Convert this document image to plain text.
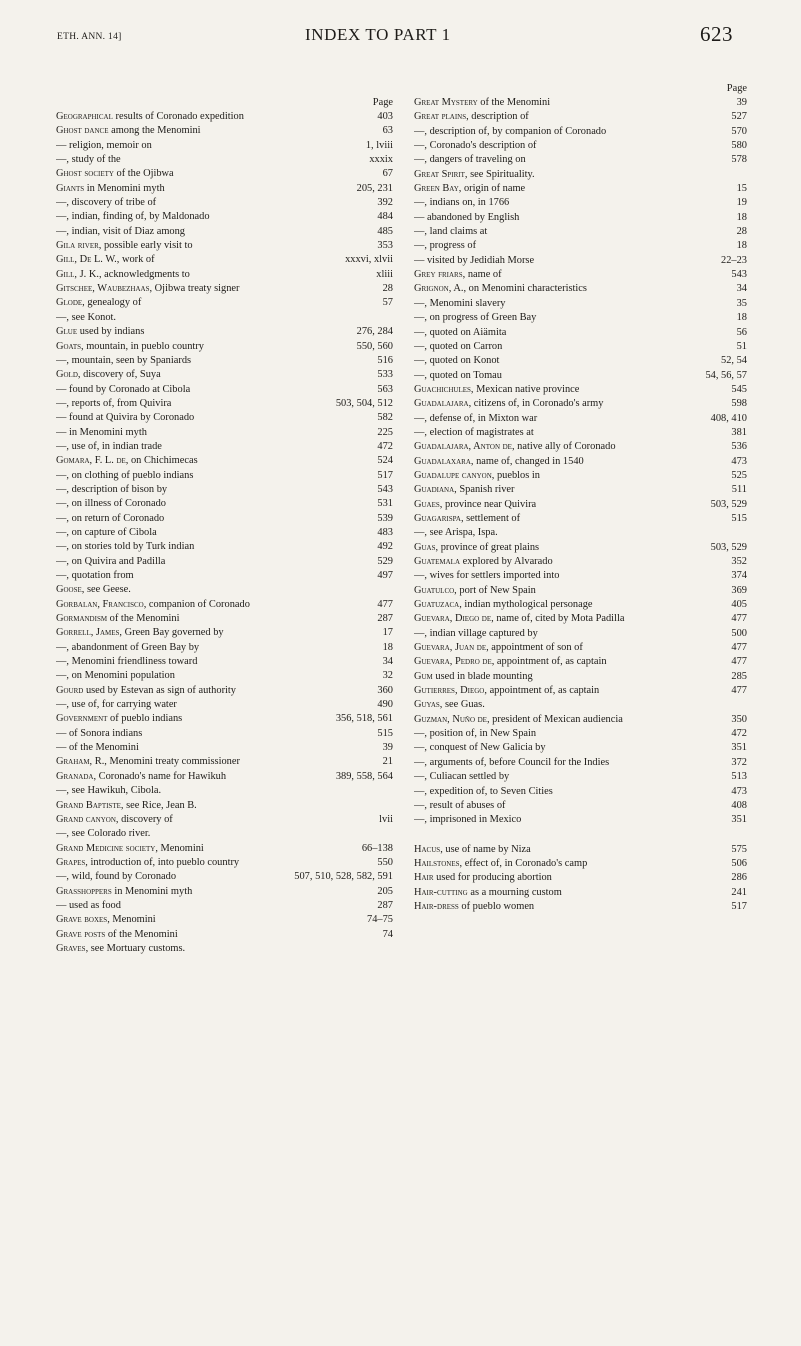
ETH. ANN. 14]	INDEX TO PART 1	623
Page
Geographical results of Coronado expedition	403
Ghost dance among the Menomini	63
— religion, memoir on	1, lviii
—, study of the	xxxix
Ghost society of the Ojibwa	67
Giants in Menomini myth	205, 231
—, discovery of tribe of	392
—, indian, finding of, by Maldonado	484
—, indian, visit of Diaz among	485
Gila river, possible early visit to	353
Gill, De L. W., work of	xxxvi, xlvii
Gill, J. K., acknowledgments to	xliii
Gitschee, Waubezhaas, Ojibwa treaty signer	28
Glode, genealogy of	57
—, see Konot.
Glue used by indians	276, 284
Goats, mountain, in pueblo country	550, 560
—, mountain, seen by Spaniards	516
Gold, discovery of, Suya	533
— found by Coronado at Cibola	563
—, reports of, from Quivira	503, 504, 512
— found at Quivira by Coronado	582
— in Menomini myth	225
—, use of, in indian trade	472
Gomara, F. L. de, on Chichimecas	524
—, on clothing of pueblo indians	517
—, description of bison by	543
—, on illness of Coronado	531
—, on return of Coronado	539
—, on capture of Cibola	483
—, on stories told by Turk indian	492
—, on Quivira and Padilla	529
—, quotation from	497
Goose, see Geese.
Gorbalan, Francisco, companion of Coronado	477
Gormandism of the Menomini	287
Gorrell, James, Green Bay governed by	17
—, abandonment of Green Bay by	18
—, Menomini friendliness toward	34
—, on Menomini population	32
Gourd used by Estevan as sign of authority	360
—, use of, for carrying water	490
Government of pueblo indians	356, 518, 561
— of Sonora indians	515
— of the Menomini	39
Graham, R., Menomini treaty commissioner	21
Granada, Coronado's name for Hawikuh	389, 558, 564
—, see Hawikuh, Cibola.
Grand Baptiste, see Rice, Jean B.
Grand canyon, discovery of	lvii
—, see Colorado river.
Grand Medicine society, Menomini	66–138
Grapes, introduction of, into pueblo country	550
—, wild, found by Coronado	507, 510, 528, 582, 591
Grasshoppers in Menomini myth	205
— used as food	287
Grave boxes, Menomini	74–75
Grave posts of the Menomini	74
Graves, see Mortuary customs.
Page
Great Mystery of the Menomini	39
Great plains, description of	527
—, description of, by companion of Coronado	570
—, Coronado's description of	580
—, dangers of traveling on	578
Great Spirit, see Spirituality.
Green Bay, origin of name	15
—, indians on, in 1766	19
— abandoned by English	18
—, land claims at	28
—, progress of	18
— visited by Jedidiah Morse	22–23
Grey friars, name of	543
Grignon, A., on Menomini characteristics	34
—, Menomini slavery	35
—, on progress of Green Bay	18
—, quoted on Aiämita	56
—, quoted on Carron	51
—, quoted on Konot	52, 54
—, quoted on Tomau	54, 56, 57
Guachichules, Mexican native province	545
Guadalajara, citizens of, in Coronado's army	598
—, defense of, in Mixton war	408, 410
—, election of magistrates at	381
Guadalajara, Anton de, native ally of Coronado	536
Guadalaxara, name of, changed in 1540	473
Guadalupe canyon, pueblos in	525
Guadiana, Spanish river	511
Guaes, province near Quivira	503, 529
Guagarispa, settlement of	515
—, see Arispa, Ispa.
Guas, province of great plains	503, 529
Guatemala explored by Alvarado	352
—, wives for settlers imported into	374
Guatulco, port of New Spain	369
Guatuzaca, indian mythological personage	405
Guevara, Diego de, name of, cited by Mota Padilla	477
—, indian village captured by	500
Guevara, Juan de, appointment of son of	477
Guevara, Pedro de, appointment of, as captain	477
Gum used in blade mounting	285
Gutierres, Diego, appointment of, as captain	477
Guyas, see Guas.
Guzman, Nuño de, president of Mexican audiencia	350
—, position of, in New Spain	472
—, conquest of New Galicia by	351
—, arguments of, before Council for the Indies	372
—, Culiacan settled by	513
—, expedition of, to Seven Cities	473
—, result of abuses of	408
—, imprisoned in Mexico	351
Hacus, use of name by Niza	575
Hailstones, effect of, in Coronado's camp	506
Hair used for producing abortion	286
Hair-cutting as a mourning custom	241
Hair-dress of pueblo women	517
